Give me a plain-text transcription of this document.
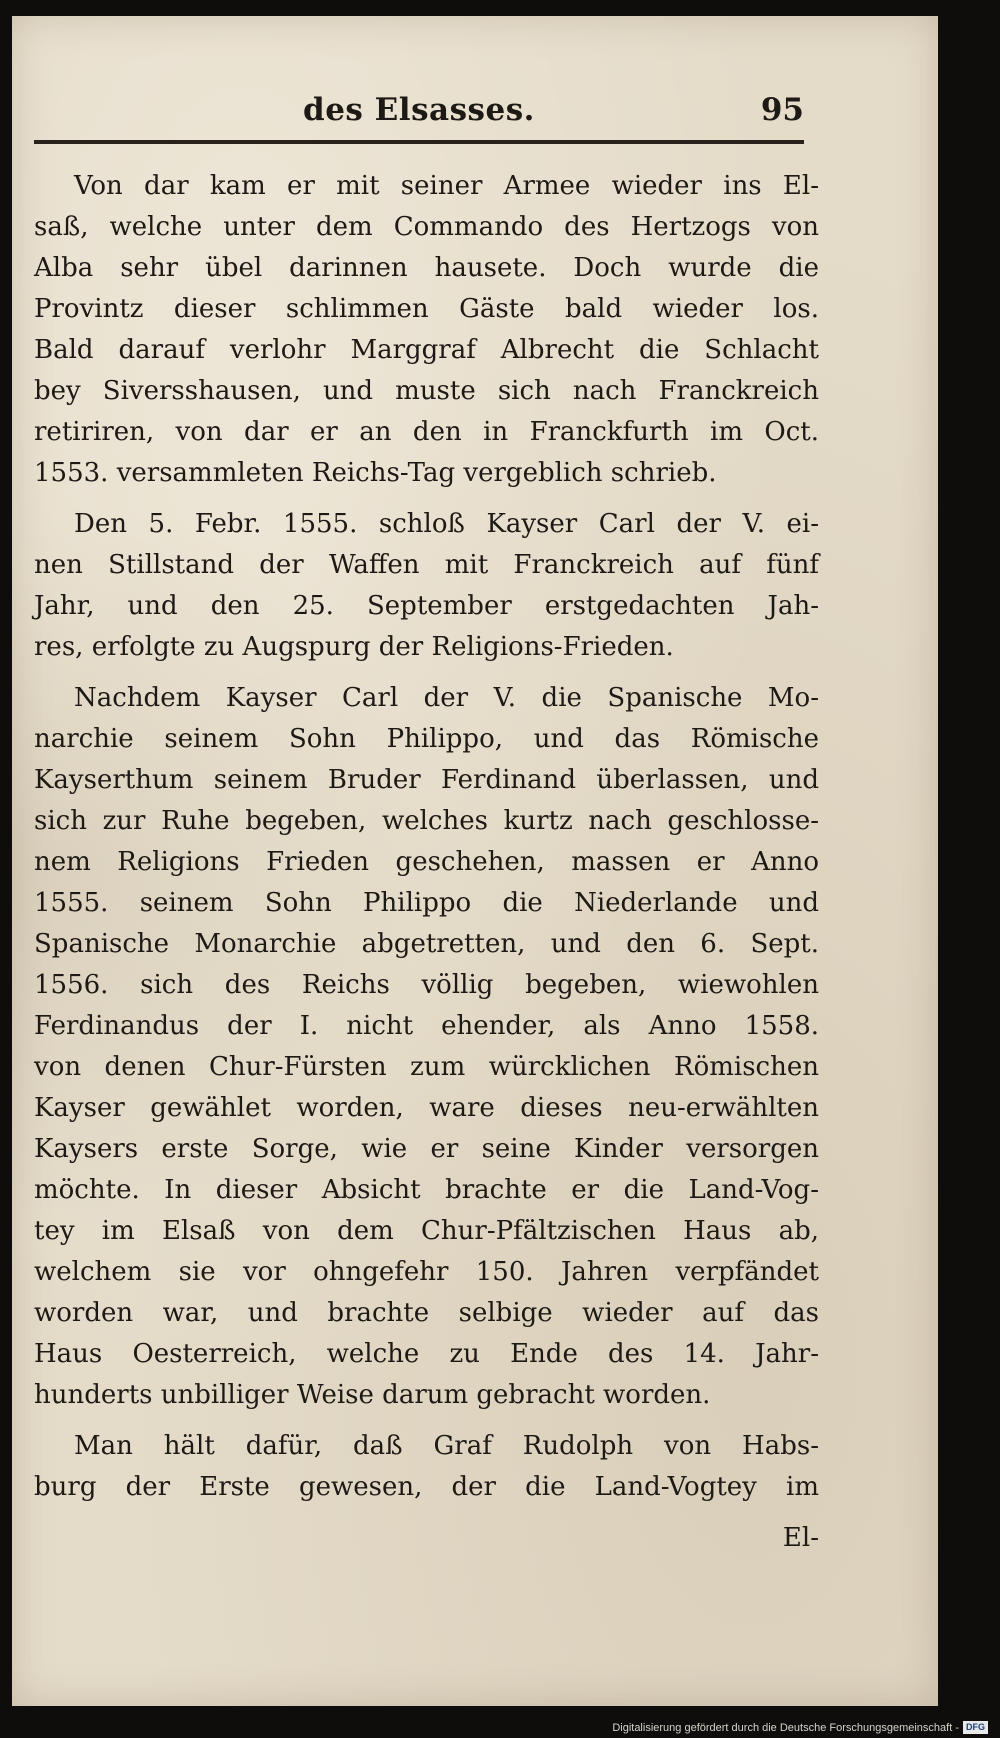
des Elsasses.	95
Von dar kam er mit seiner Armee wieder ins El-
saß, welche unter dem Commando des Hertzogs von
Alba sehr übel darinnen hausete. Doch wurde die
Provintz dieser schlimmen Gäste bald wieder los.
Bald darauf verlohr Marggraf Albrecht die Schlacht
bey Siversshausen, und muste sich nach Franckreich
retiriren, von dar er an den in Franckfurth im Oct.
1553. versammleten Reichs-Tag vergeblich schrieb.
Den 5. Febr. 1555. schloß Kayser Carl der V. ei-
nen Stillstand der Waffen mit Franckreich auf fünf
Jahr, und den 25. September erstgedachten Jah-
res, erfolgte zu Augspurg der Religions-Frieden.
Nachdem Kayser Carl der V. die Spanische Mo-
narchie seinem Sohn Philippo, und das Römische
Kayserthum seinem Bruder Ferdinand überlassen, und
sich zur Ruhe begeben, welches kurtz nach geschlosse-
nem Religions Frieden geschehen, massen er Anno
1555. seinem Sohn Philippo die Niederlande und
Spanische Monarchie abgetretten, und den 6. Sept.
1556. sich des Reichs völlig begeben, wiewohlen
Ferdinandus der I. nicht ehender, als Anno 1558.
von denen Chur-Fürsten zum würcklichen Römischen
Kayser gewählet worden, ware dieses neu-erwählten
Kaysers erste Sorge, wie er seine Kinder versorgen
möchte. In dieser Absicht brachte er die Land-Vog-
tey im Elsaß von dem Chur-Pfältzischen Haus ab,
welchem sie vor ohngefehr 150. Jahren verpfändet
worden war, und brachte selbige wieder auf das
Haus Oesterreich, welche zu Ende des 14. Jahr-
hunderts unbilliger Weise darum gebracht worden.
Man hält dafür, daß Graf Rudolph von Habs-
burg der Erste gewesen, der die Land-Vogtey im
El-
Digitalisierung gefördert durch die Deutsche Forschungsgemeinschaft - DFG
